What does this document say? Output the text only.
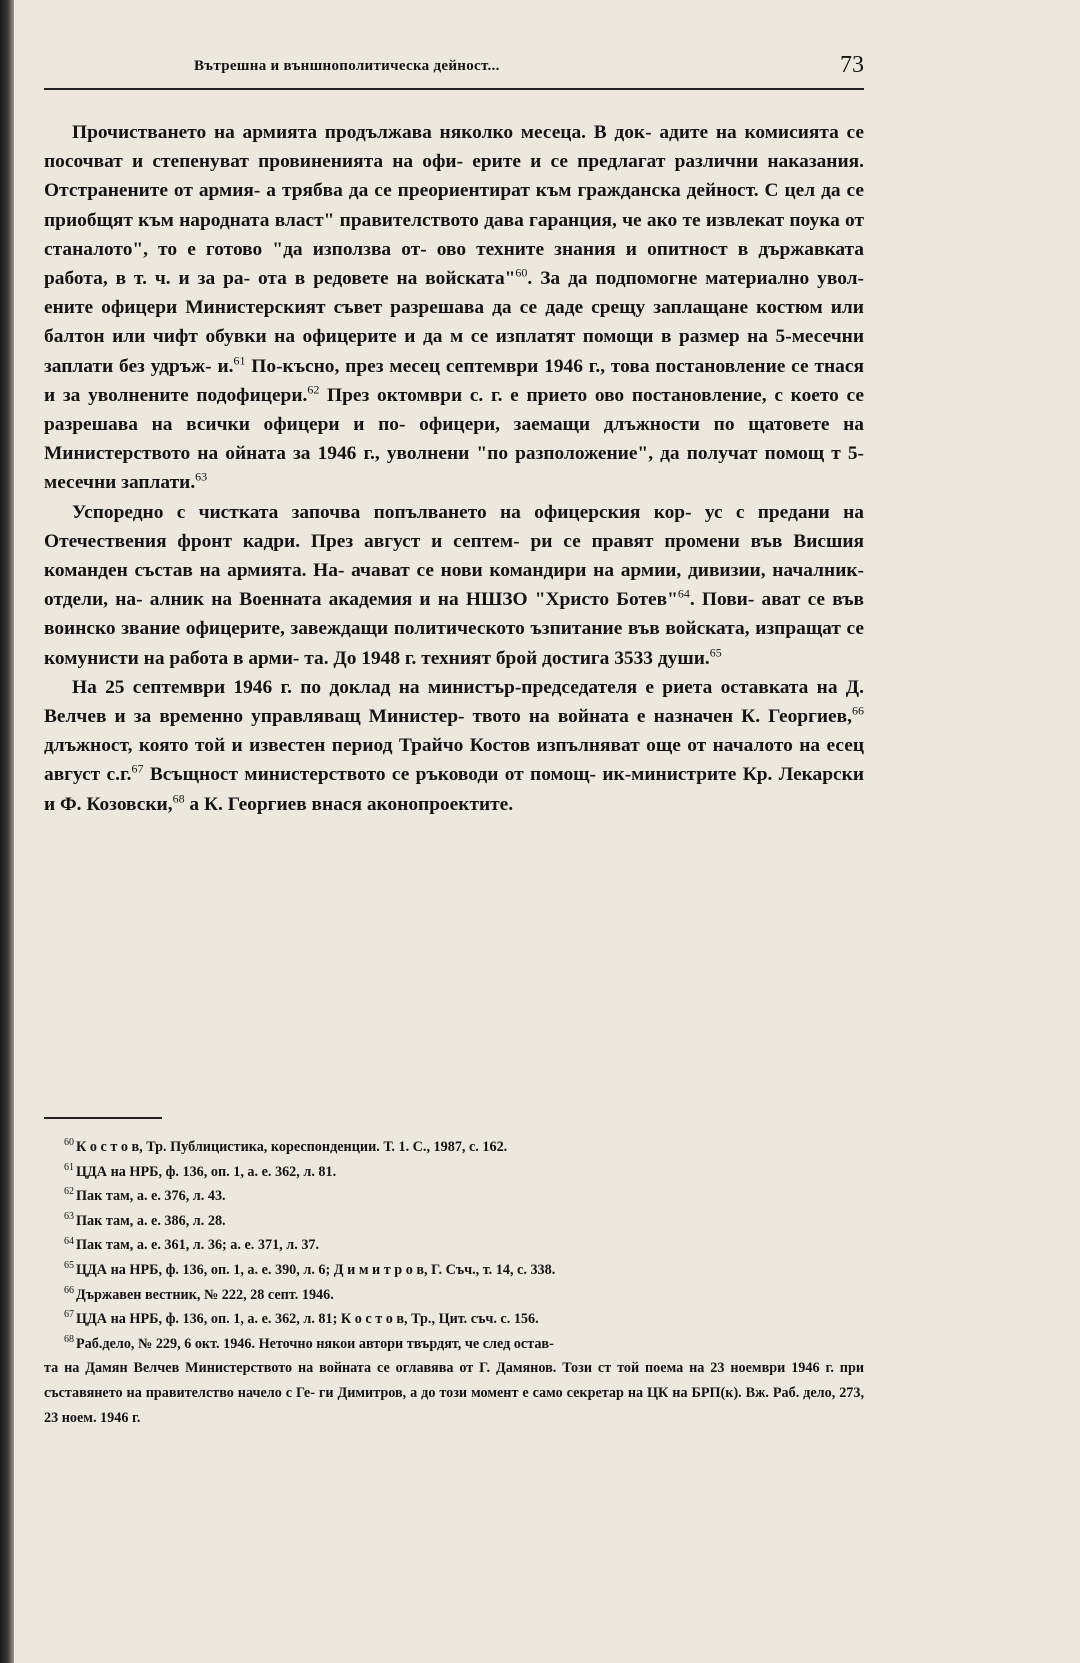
Вътрешна и външнополитическа дейност...	73

Прочистването на армията продължава няколко месеца. В док- адите на комисията се посочват и степенуват провиненията на офи- ерите и се предлагат различни наказания. Отстранените от армия- а трябва да се преориентират към гражданска дейност. С цел да се приобщят към народната власт" правителството дава гаранция, че ако те извлекат поука от станалото", то е готово "да използва от- ово техните знания и опитност в държавката работа, в т. ч. и за ра- ота в редовете на войската"$^{60}$. За да подпомогне материално увол- ените офицери Министерският съвет разрешава да се даде срещу заплащане костюм или балтон или чифт обувки на офицерите и да м се изплатят помощи в размер на 5-месечни заплати без удръж- и.$^{61}$ По-късно, през месец септември 1946 г., това постановление се тнася и за уволнените подофицери.$^{62}$ През октомври с. г. е прието ово постановление, с което се разрешава на всички офицери и по- офицери, заемащи длъжности по щатовете на Министерството на ойната за 1946 г., уволнени "по разположение", да получат помощ т 5-месечни заплати.$^{63}$

Успоредно с чистката започва попълването на офицерския кор- ус с предани на Отечествения фронт кадри. През август и септем- ри се правят промени във Висшия команден състав на армията. На- ачават се нови командири на армии, дивизии, началник-отдели, на- алник на Военната академия и на НШЗО "Христо Ботев"$^{64}$. Пови- ават се във воинско звание офицерите, завеждащи политическото ъзпитание във войската, изпращат се комунисти на работа в арми- та. До 1948 г. техният брой достига 3533 души.$^{65}$

На 25 септември 1946 г. по доклад на министър-председателя е риета оставката на Д. Велчев и за временно управляващ Министер- твото на войната е назначен К. Георгиев,$^{66}$ длъжност, която той и известен период Трайчо Костов изпълняват още от началото на есец август с.г.$^{67}$ Всъщност министерството се ръководи от помощ- ик-министрите Кр. Лекарски и Ф. Козовски,$^{68}$ а К. Георгиев внася аконопроектите.

$^{60}$ К о с т о в, Тр. Публицистика, кореспонденции. Т. 1. С., 1987, с. 162.

$^{61}$ ЦДА на НРБ, ф. 136, оп. 1, а. е. 362, л. 81.

$^{62}$ Пак там, а. е. 376, л. 43.

$^{63}$ Пак там, а. е. 386, л. 28.

$^{64}$ Пак там, а. е. 361, л. 36; а. е. 371, л. 37.

$^{65}$ ЦДА на НРБ, ф. 136, оп. 1, а. е. 390, л. 6; Д и м и т р о в, Г. Съч., т. 14, с. 338.

$^{66}$ Държавен вестник, № 222, 28 септ. 1946.

$^{67}$ ЦДА на НРБ, ф. 136, оп. 1, а. е. 362, л. 81; К о с т о в, Тр., Цит. съч. с. 156.

$^{68}$ Раб.дело, № 229, 6 окт. 1946. Неточно някои автори твърдят, че след остав-

та на Дамян Велчев Министерството на войната се оглавява от Г. Дамянов. Този ст той поема на 23 ноември 1946 г. при съставянето на правителство начело с Ге- ги Димитров, а до този момент е само секретар на ЦК на БРП(к). Вж. Раб. дело, 273, 23 ноем. 1946 г.
